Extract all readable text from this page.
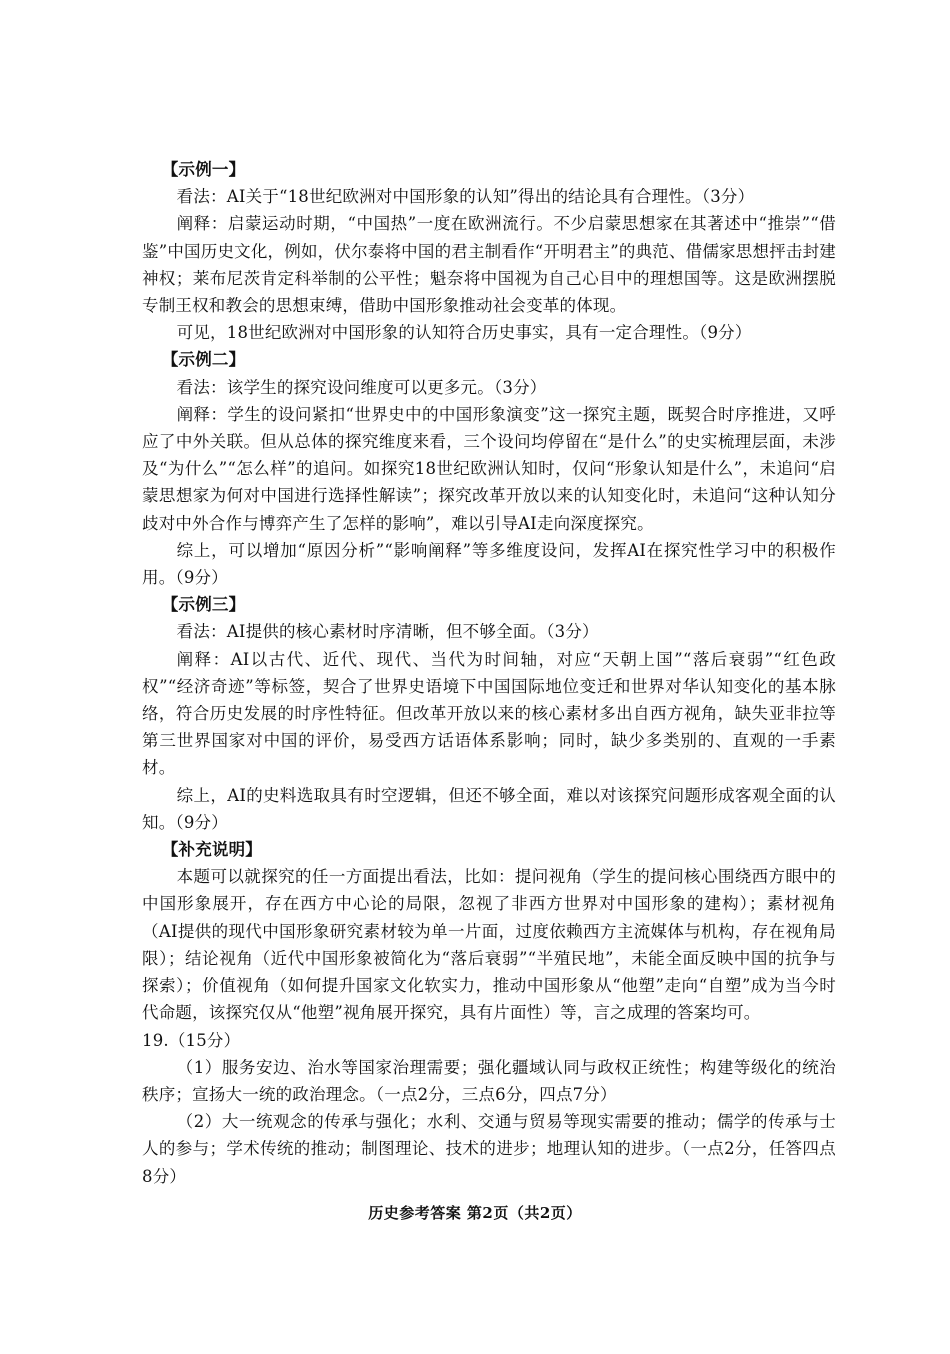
【示例一】

看法：AI关于“18世纪欧洲对中国形象的认知”得出的结论具有合理性。（3分）

阐释：启蒙运动时期，“中国热”一度在欧洲流行。不少启蒙思想家在其著述中“推崇”“借鉴”中国历史文化，例如，伏尔泰将中国的君主制看作“开明君主”的典范、借儒家思想抨击封建神权；莱布尼茨肯定科举制的公平性；魁奈将中国视为自己心目中的理想国等。这是欧洲摆脱专制王权和教会的思想束缚，借助中国形象推动社会变革的体现。

可见，18世纪欧洲对中国形象的认知符合历史事实，具有一定合理性。（9分）

【示例二】

看法：该学生的探究设问维度可以更多元。（3分）

阐释：学生的设问紧扣“世界史中的中国形象演变”这一探究主题，既契合时序推进，又呼应了中外关联。但从总体的探究维度来看，三个设问均停留在“是什么”的史实梳理层面，未涉及“为什么”“怎么样”的追问。如探究18世纪欧洲认知时，仅问“形象认知是什么”，未追问“启蒙思想家为何对中国进行选择性解读”；探究改革开放以来的认知变化时，未追问“这种认知分歧对中外合作与博弈产生了怎样的影响”，难以引导AI走向深度探究。

综上，可以增加“原因分析”“影响阐释”等多维度设问，发挥AI在探究性学习中的积极作用。（9分）

【示例三】

看法：AI提供的核心素材时序清晰，但不够全面。（3分）

阐释：AI以古代、近代、现代、当代为时间轴，对应“天朝上国”“落后衰弱”“红色政权”“经济奇迹”等标签，契合了世界史语境下中国国际地位变迁和世界对华认知变化的基本脉络，符合历史发展的时序性特征。但改革开放以来的核心素材多出自西方视角，缺失亚非拉等第三世界国家对中国的评价，易受西方话语体系影响；同时，缺少多类别的、直观的一手素材。

综上，AI的史料选取具有时空逻辑，但还不够全面，难以对该探究问题形成客观全面的认知。（9分）

【补充说明】

本题可以就探究的任一方面提出看法，比如：提问视角（学生的提问核心围绕西方眼中的中国形象展开，存在西方中心论的局限，忽视了非西方世界对中国形象的建构）；素材视角（AI提供的现代中国形象研究素材较为单一片面，过度依赖西方主流媒体与机构，存在视角局限）；结论视角（近代中国形象被简化为“落后衰弱”“半殖民地”，未能全面反映中国的抗争与探索）；价值视角（如何提升国家文化软实力，推动中国形象从“他塑”走向“自塑”成为当今时代命题，该探究仅从“他塑”视角展开探究，具有片面性）等，言之成理的答案均可。

19.（15分）

（1）服务安边、治水等国家治理需要；强化疆域认同与政权正统性；构建等级化的统治秩序；宣扬大一统的政治理念。（一点2分，三点6分，四点7分）

（2）大一统观念的传承与强化；水利、交通与贸易等现实需要的推动；儒学的传承与士人的参与；学术传统的推动；制图理论、技术的进步；地理认知的进步。（一点2分，任答四点8分）

历史参考答案 第2页（共2页）
